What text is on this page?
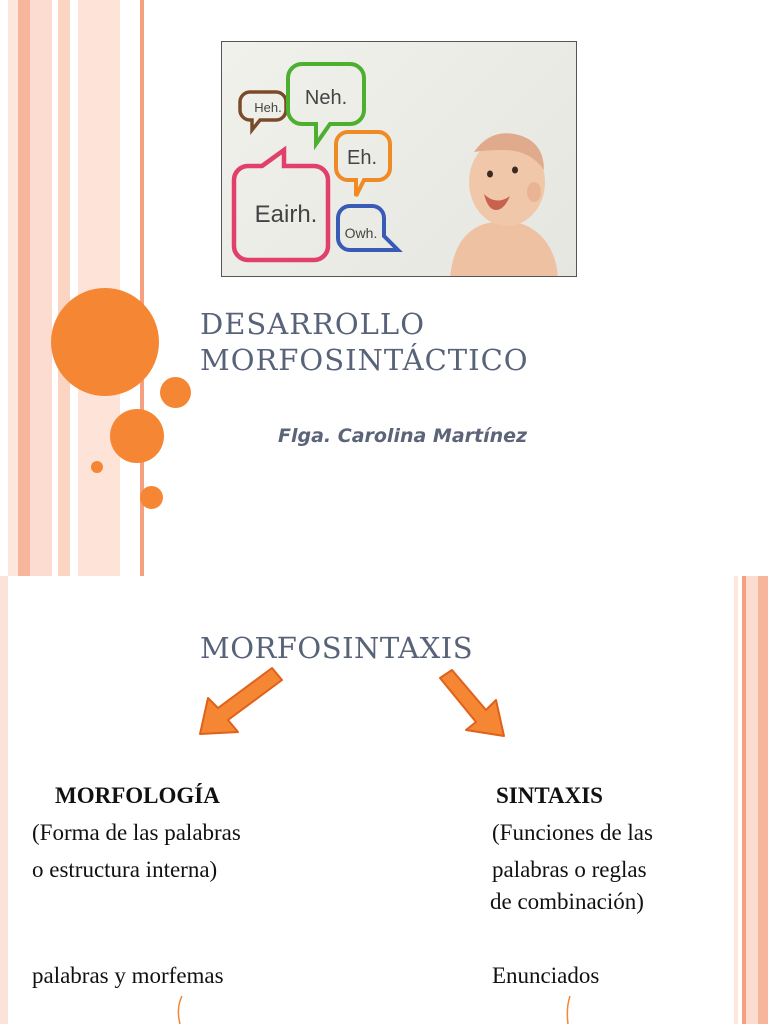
Heh. Neh.
Eh.
Eairh.
Owh.
DESARROLLO
MORFOSINTÁCTICO

Flga. Carolina Martínez

MORFOSINTAXIS

MORFOLOGÍA

(Forma de las palabras

o estructura interna)

palabras y morfemas

SINTAXIS

(Funciones de las

palabras o reglas

de combinación)

Enunciados
